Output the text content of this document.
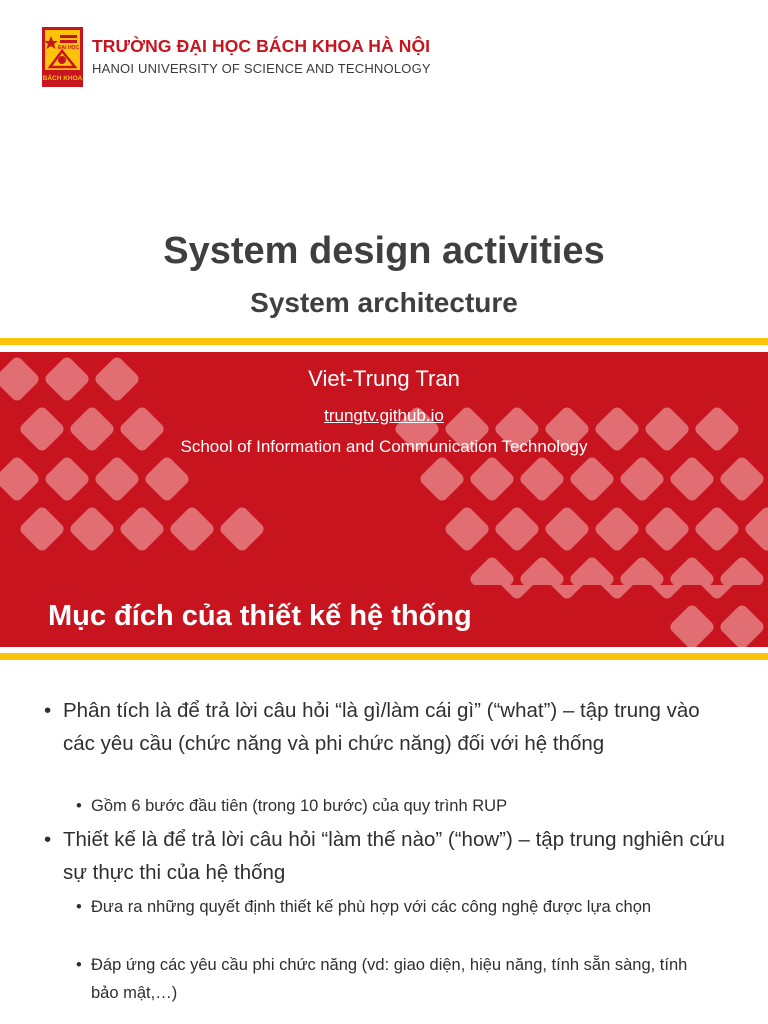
ĐẠI HỌC
BÁCH KHOA
TRƯỜNG ĐẠI HỌC BÁCH KHOA HÀ NỘI
HANOI UNIVERSITY OF SCIENCE AND TECHNOLOGY
System design activities
System architecture
Viet-Trung Tran
trungtv.github.io
School of Information and Communication Technology
Mục đích của thiết kế hệ thống
• Phân tích là để trả lời câu hỏi “là gì/làm cái gì” (“what”) – tập trung vào các yêu cầu (chức năng và phi chức năng) đối với hệ thống
• Gồm 6 bước đầu tiên (trong 10 bước) của quy trình RUP
• Thiết kế là để trả lời câu hỏi “làm thế nào” (“how”) – tập trung nghiên cứu sự thực thi của hệ thống
• Đưa ra những quyết định thiết kế phù hợp với các công nghệ được lựa chọn
• Đáp ứng các yêu cầu phi chức năng (vd: giao diện, hiệu năng, tính sẵn sàng, tính bảo mật,…)
